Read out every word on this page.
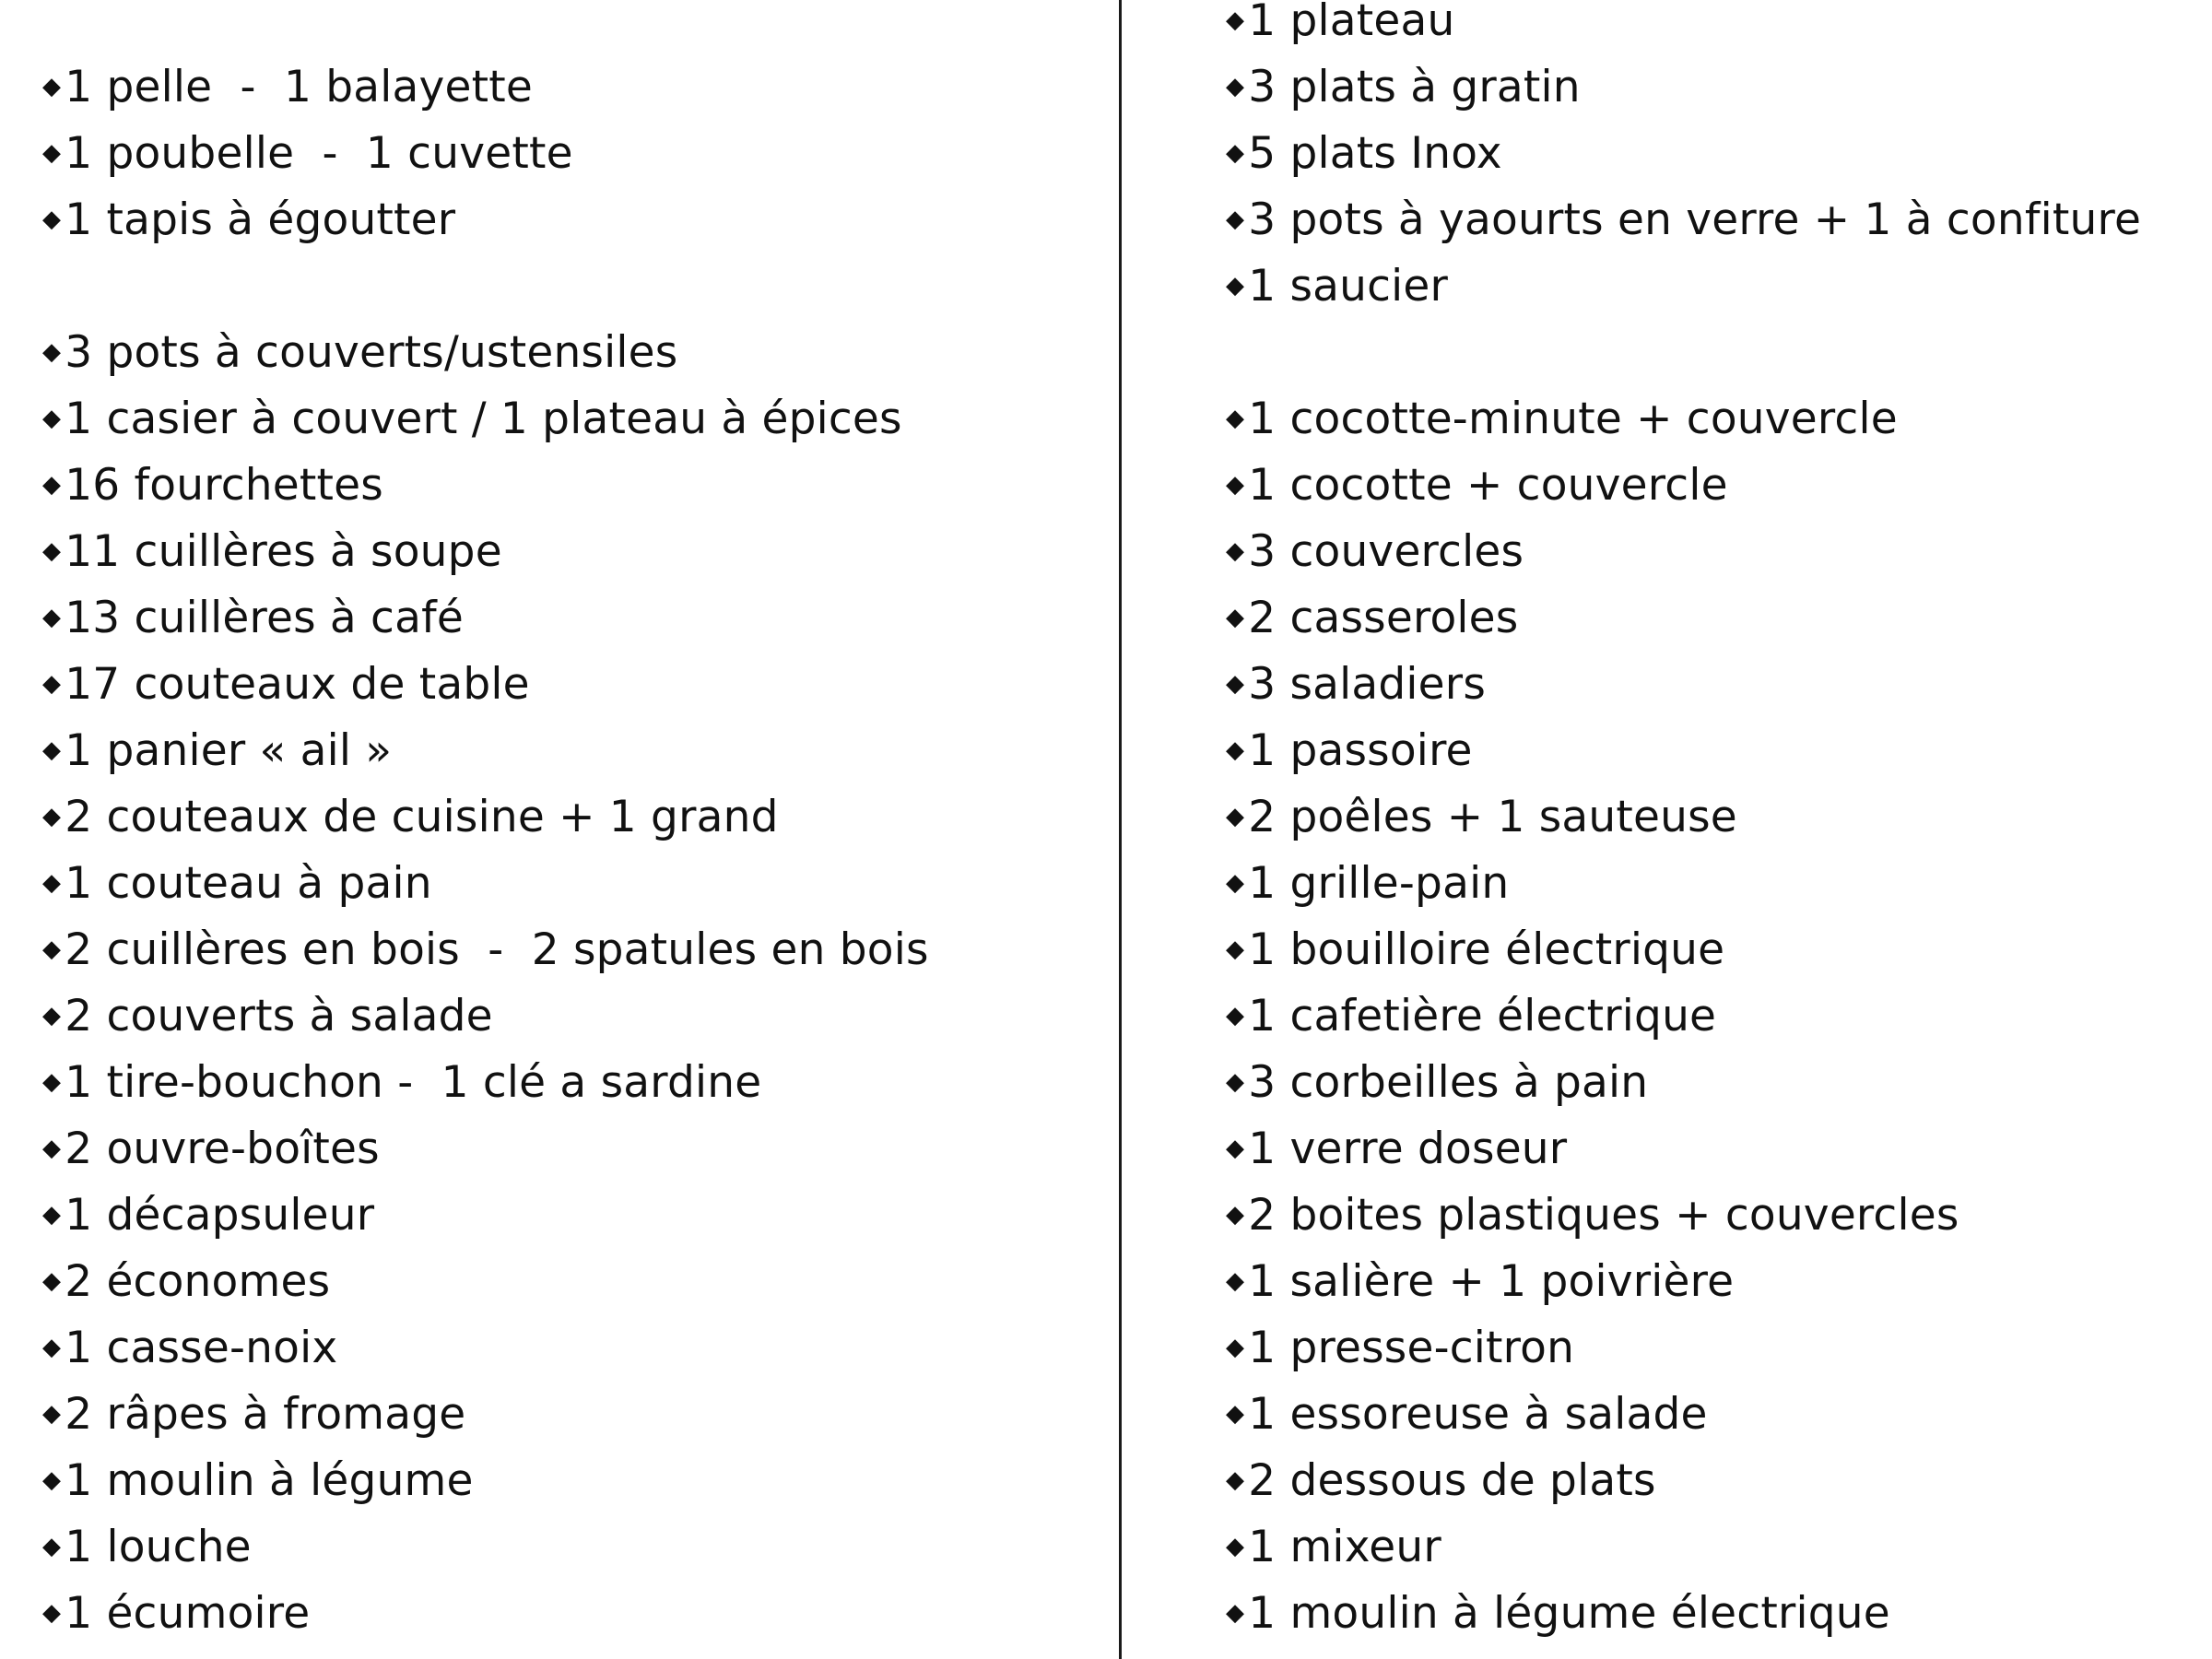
◆1 pelle  -  1 balayette
◆1 poubelle  -  1 cuvette
◆1 tapis à égoutter
◆3 pots à couverts/ustensiles
◆1 casier à couvert / 1 plateau à épices
◆16 fourchettes
◆11 cuillères à soupe
◆13 cuillères à café
◆17 couteaux de table
◆1 panier « ail »
◆2 couteaux de cuisine + 1 grand
◆1 couteau à pain
◆2 cuillères en bois  -  2 spatules en bois
◆2 couverts à salade
◆1 tire-bouchon -  1 clé a sardine
◆2 ouvre-boîtes
◆1 décapsuleur
◆2 économes
◆1 casse-noix
◆2 râpes à fromage
◆1 moulin à légume
◆1 louche
◆1 écumoire
◆1 plateau
◆3 plats à gratin
◆5 plats Inox
◆3 pots à yaourts en verre + 1 à confiture
◆1 saucier
◆1 cocotte-minute + couvercle
◆1 cocotte + couvercle
◆3 couvercles
◆2 casseroles
◆3 saladiers
◆1 passoire
◆2 poêles + 1 sauteuse
◆1 grille-pain
◆1 bouilloire électrique
◆1 cafetière électrique
◆3 corbeilles à pain
◆1 verre doseur
◆2 boites plastiques + couvercles
◆1 salière + 1 poivrière
◆1 presse-citron
◆1 essoreuse à salade
◆2 dessous de plats
◆1 mixeur
◆1 moulin à légume électrique
